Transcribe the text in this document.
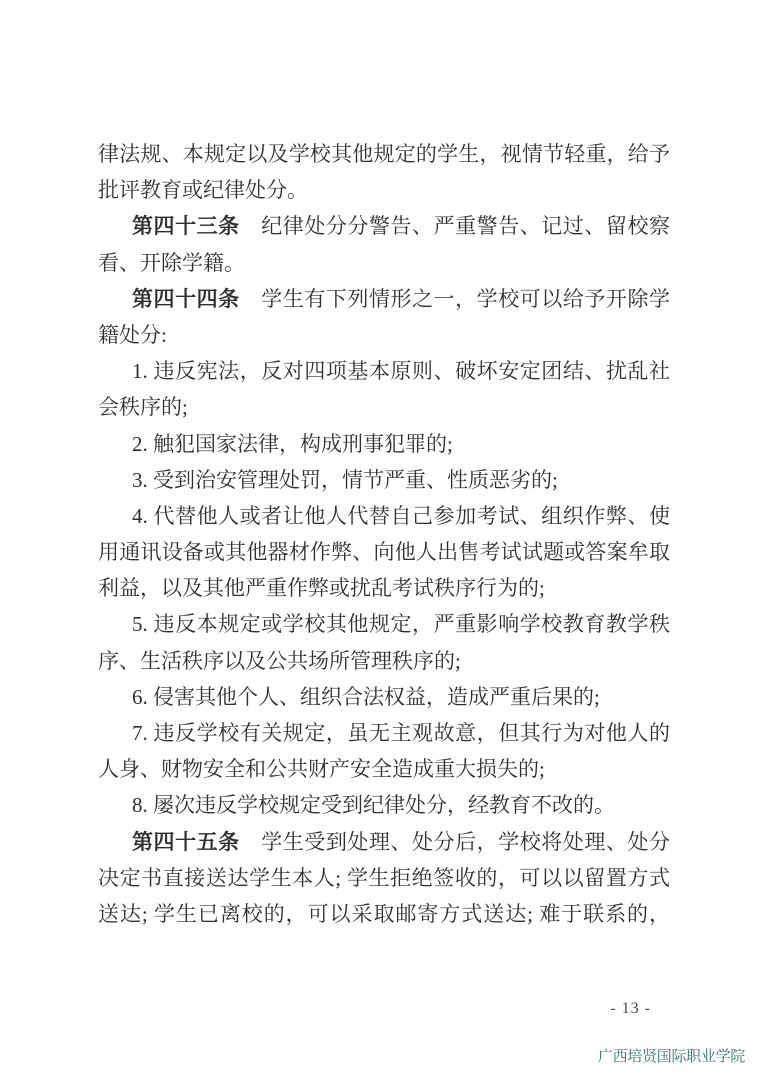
律法规、本规定以及学校其他规定的学生，视情节轻重，给予
批评教育或纪律处分。
第四十三条　纪律处分分警告、严重警告、记过、留校察
看、开除学籍。
第四十四条　学生有下列情形之一，学校可以给予开除学
籍处分:
1. 违反宪法，反对四项基本原则、破坏安定团结、扰乱社
会秩序的;
2. 触犯国家法律，构成刑事犯罪的;
3. 受到治安管理处罚，情节严重、性质恶劣的;
4. 代替他人或者让他人代替自己参加考试、组织作弊、使
用通讯设备或其他器材作弊、向他人出售考试试题或答案牟取
利益，以及其他严重作弊或扰乱考试秩序行为的;
5. 违反本规定或学校其他规定，严重影响学校教育教学秩
序、生活秩序以及公共场所管理秩序的;
6. 侵害其他个人、组织合法权益，造成严重后果的;
7. 违反学校有关规定，虽无主观故意，但其行为对他人的
人身、财物安全和公共财产安全造成重大损失的;
8. 屡次违反学校规定受到纪律处分，经教育不改的。
第四十五条　学生受到处理、处分后，学校将处理、处分
决定书直接送达学生本人; 学生拒绝签收的，可以以留置方式
送达; 学生已离校的，可以采取邮寄方式送达; 难于联系的，
- 13 -
广西培贤国际职业学院
